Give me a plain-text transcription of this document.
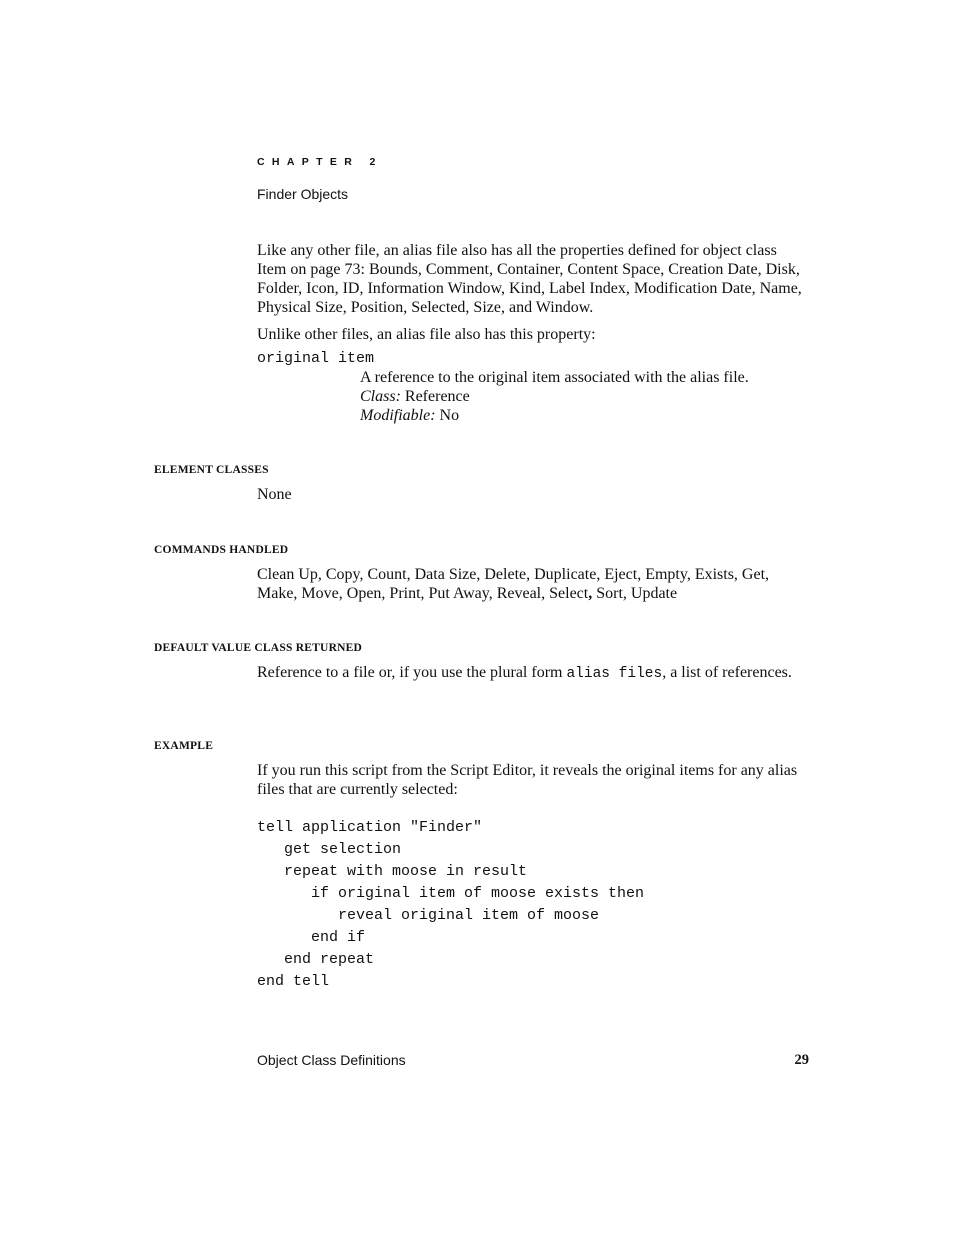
CHAPTER 2
Finder Objects
Like any other file, an alias file also has all the properties defined for object class Item on page 73: Bounds, Comment, Container, Content Space, Creation Date, Disk, Folder, Icon, ID, Information Window, Kind, Label Index, Modification Date, Name, Physical Size, Position, Selected, Size, and Window.
Unlike other files, an alias file also has this property:
original item
A reference to the original item associated with the alias file.
Class: Reference
Modifiable: No
ELEMENT CLASSES
None
COMMANDS HANDLED
Clean Up, Copy, Count, Data Size, Delete, Duplicate, Eject, Empty, Exists, Get, Make, Move, Open, Print, Put Away, Reveal, Select, Sort, Update
DEFAULT VALUE CLASS RETURNED
Reference to a file or, if you use the plural form alias files, a list of references.
EXAMPLE
If you run this script from the Script Editor, it reveals the original items for any alias files that are currently selected:
tell application "Finder"
get selection
repeat with moose in result
if original item of moose exists then
reveal original item of moose
end if
end repeat
end tell
Object Class Definitions	29
